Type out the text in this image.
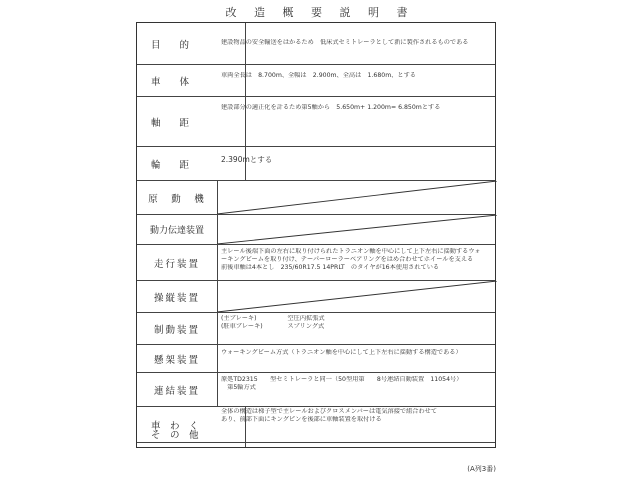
改 造 概 要 説 明 書
目　　的	建設物品の安全輸送をはかるため　低床式セミトレーラとして新に製作されるものである
車　　体
車両全長は　8.700m、全幅は　2.900m、全高は　1.680m、とする
軸　　距
建設部分の適正化を計るため第5軸から　5.650m+ 1.200m= 6.850mとする
輪　　距	2.390mとする
原　動　機
動力伝達装置
走行装置
主レール後端下面の左右に取り付けられたトラニオン軸を中心にして上下左右に揺動するウォ
ーキングビームを取り付け、テーパーローラーベアリングをはめ合わせてホイールを支える
前後車軸は4本とし　235/60R17.5 14PRLT　のタイヤが16本使用されている
操縦装置
制動装置
(主ブレーキ)　　　　　空圧内拡張式
(駐車ブレーキ)　　　　スプリング式
懸架装置
ウォーキングビーム方式（トラニオン軸を中心にして上下左右に揺動する構造である）
連結装置
原処TD2315　　型セミトレーラと同一（50型用第　　8号連結自動装置　11054号）
　第5輪方式
車　わ　く
全体の構造は梯子型で主レールおよびクロスメンバーは電気溶接で組合わせて
あり、前部下面にキングピンを後部に車軸装置を取付ける
(A列3番)
そ　の　他
